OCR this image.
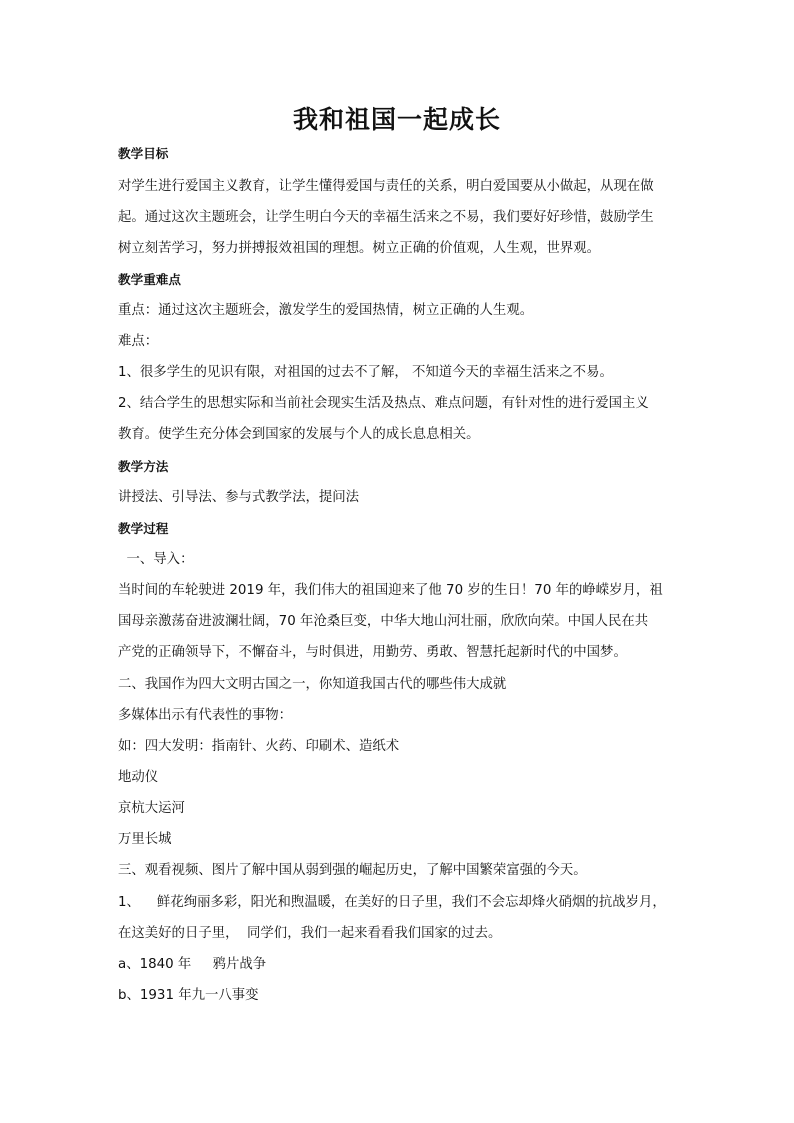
我和祖国一起成长
教学目标
对学生进行爱国主义教育，让学生懂得爱国与责任的关系，明白爱国要从小做起，从现在做
起。通过这次主题班会，让学生明白今天的幸福生活来之不易，我们要好好珍惜，鼓励学生
树立刻苦学习，努力拼搏报效祖国的理想。树立正确的价值观，人生观，世界观。
教学重难点
重点：通过这次主题班会，激发学生的爱国热情，树立正确的人生观。
难点：
1、很多学生的见识有限，对祖国的过去不了解， 不知道今天的幸福生活来之不易。
2、结合学生的思想实际和当前社会现实生活及热点、难点问题，有针对性的进行爱国主义
教育。使学生充分体会到国家的发展与个人的成长息息相关。
教学方法
讲授法、引导法、参与式教学法，提问法
教学过程
一、导入：
当时间的车轮驶进 2019 年，我们伟大的祖国迎来了他 70 岁的生日！70 年的峥嵘岁月，祖
国母亲激荡奋进波澜壮阔，70 年沧桑巨变，中华大地山河壮丽，欣欣向荣。中国人民在共
产党的正确领导下，不懈奋斗，与时俱进，用勤劳、勇敢、智慧托起新时代的中国梦。
二、我国作为四大文明古国之一，你知道我国古代的哪些伟大成就
多媒体出示有代表性的事物：
如：四大发明：指南针、火药、印刷术、造纸术
地动仪
京杭大运河
万里长城
三、观看视频、图片了解中国从弱到强的崛起历史，了解中国繁荣富强的今天。
1、    鲜花绚丽多彩，阳光和煦温暖，在美好的日子里，我们不会忘却烽火硝烟的抗战岁月，
在这美好的日子里，  同学们，我们一起来看看我们国家的过去。
a、1840 年     鸦片战争
b、1931 年九一八事变
